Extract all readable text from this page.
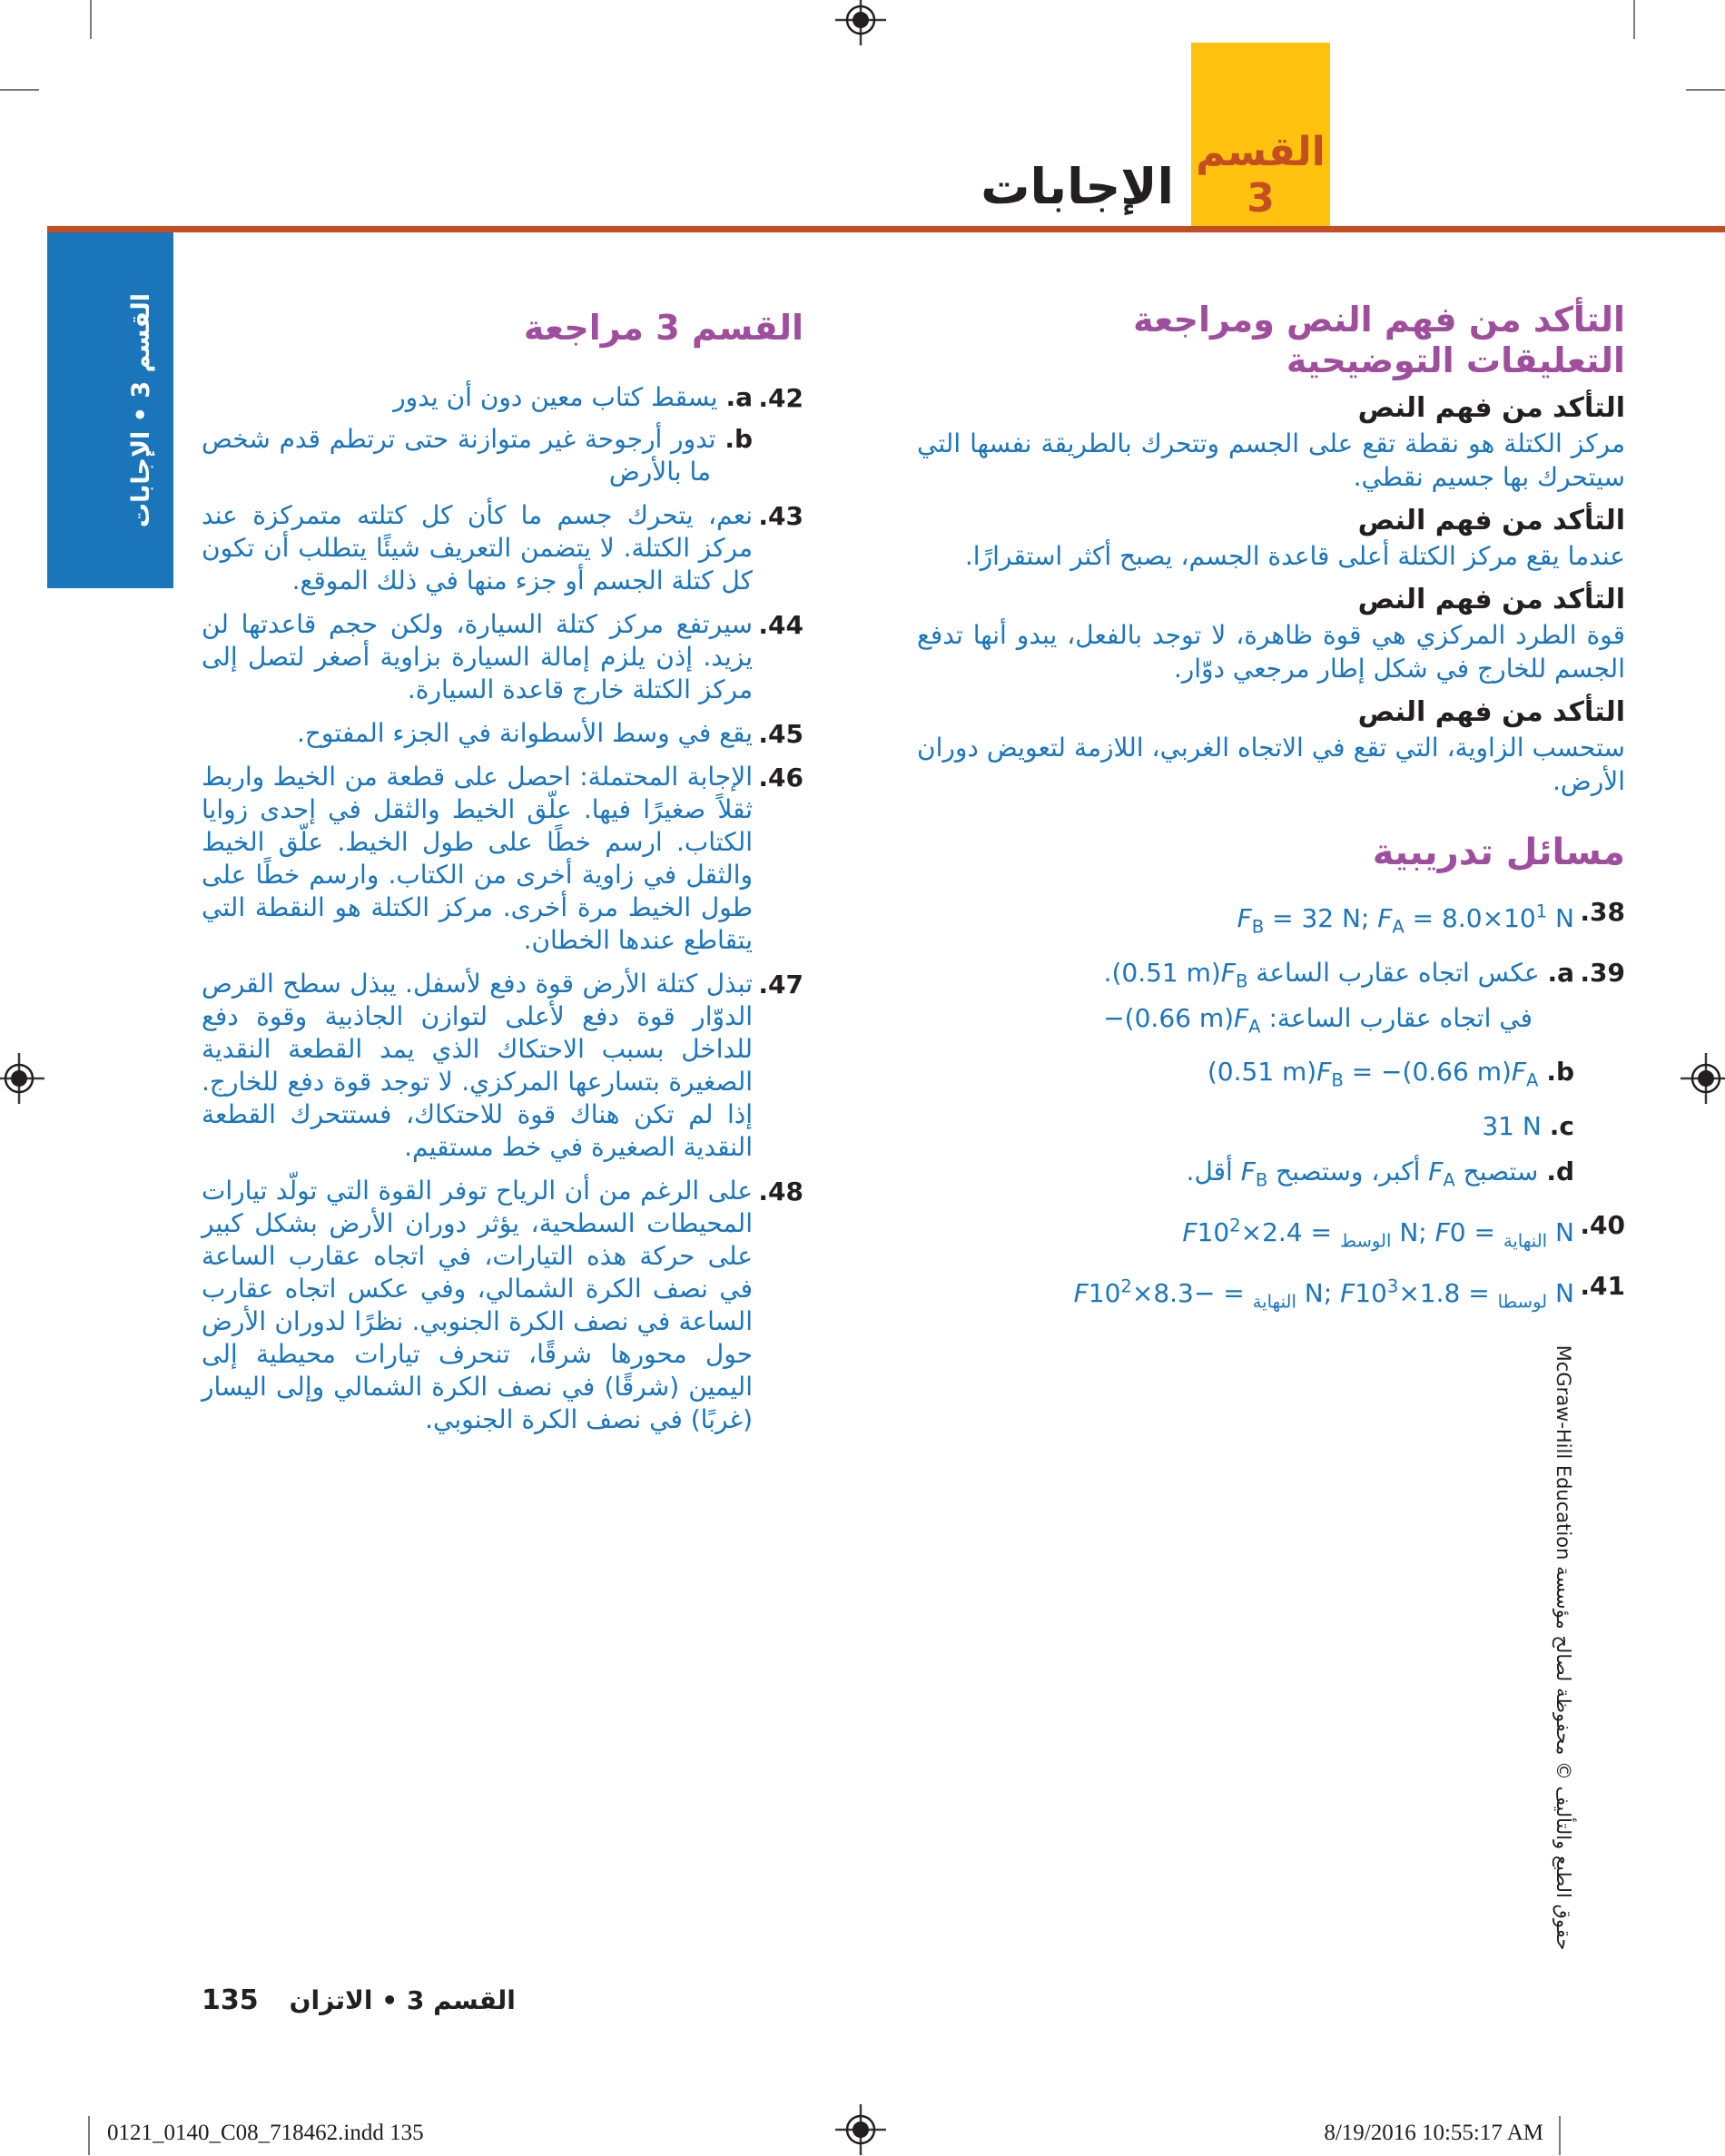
القسم 3
الإجابات
القسم 3 • الإجابات	التأكد من فهم النص ومراجعة التعليقات التوضيحية
التأكد من فهم النص
مركز الكتلة هو نقطة تقع على الجسم وتتحرك بالطريقة نفسها التي سيتحرك بها جسيم نقطي.
التأكد من فهم النص
عندما يقع مركز الكتلة أعلى قاعدة الجسم، يصبح أكثر استقرارًا.
التأكد من فهم النص
قوة الطرد المركزي هي قوة ظاهرة، لا توجد بالفعل، يبدو أنها تدفع الجسم للخارج في شكل إطار مرجعي دوّار.
التأكد من فهم النص
ستحسب الزاوية، التي تقع في الاتجاه الغربي، اللازمة لتعويض دوران الأرض.
مسائل تدريبية
38.
$F_B = 32$ N; $F_A = 8.0\times 10^1$ N
39.
a. عكس اتجاه عقارب الساعة (0.51 $m)F_B$.
في اتجاه عقارب الساعة: −(0.66 $m)F_A$
b. (0.51 $m)F_B = -(0.66$ $m)F_A$
c. 31 N
d. ستصبح $F_A$ أكبر، وستصبح $F_B$ أقل.
40.
F	$_{الوسط} = 2.4\times 10^2$	N; F	$_{النهاية}$ = 0 N
41.
F	$_{النهاية} = -8.3\times 10^2$	N; F	$_{لوسطا} = 1.8\times 10^3$	N
القسم 3 مراجعة
42.
a. يسقط كتاب معين دون أن يدور
b. تدور أرجوحة غير متوازنة حتى ترتطم قدم شخص ما بالأرض
43.
نعم، يتحرك جسم ما كأن كل كتلته متمركزة عند مركز الكتلة. لا يتضمن التعريف شيئًا يتطلب أن تكون كل كتلة الجسم أو جزء منها في ذلك الموقع.
44.
سيرتفع مركز كتلة السيارة، ولكن حجم قاعدتها لن يزيد. إذن يلزم إمالة السيارة بزاوية أصغر لتصل إلى مركز الكتلة خارج قاعدة السيارة.
45.
يقع في وسط الأسطوانة في الجزء المفتوح.
46.
الإجابة المحتملة: احصل على قطعة من الخيط واربط ثقلاً صغيرًا فيها. علّق الخيط والثقل في إحدى زوايا الكتاب. ارسم خطًا على طول الخيط. علّق الخيط والثقل في زاوية أخرى من الكتاب. وارسم خطًا على طول الخيط مرة أخرى. مركز الكتلة هو النقطة التي يتقاطع عندها الخطان.
47.
تبذل كتلة الأرض قوة دفع لأسفل. يبذل سطح القرص الدوّار قوة دفع لأعلى لتوازن الجاذبية وقوة دفع للداخل بسبب الاحتكاك الذي يمد القطعة النقدية الصغيرة بتسارعها المركزي. لا توجد قوة دفع للخارج. إذا لم تكن هناك قوة للاحتكاك، فستتحرك القطعة النقدية الصغيرة في خط مستقيم.
48.
على الرغم من أن الرياح توفر القوة التي تولّد تيارات المحيطات السطحية، يؤثر دوران الأرض بشكل كبير على حركة هذه التيارات، في اتجاه عقارب الساعة في نصف الكرة الشمالي، وفي عكس اتجاه عقارب الساعة في نصف الكرة الجنوبي. نظرًا لدوران الأرض حول محورها شرقًا، تنحرف تيارات محيطية إلى اليمين (شرقًا) في نصف الكرة الشمالي وإلى اليسار (غربًا) في نصف الكرة الجنوبي.
135 القسم 3 • الاتزان
0121_0140_C08_718462.indd 135	8/19/2016 10:55:17 AM
حقوق الطبع والتأليف © محفوظة لصالح مؤسسة McGraw-Hill Education
